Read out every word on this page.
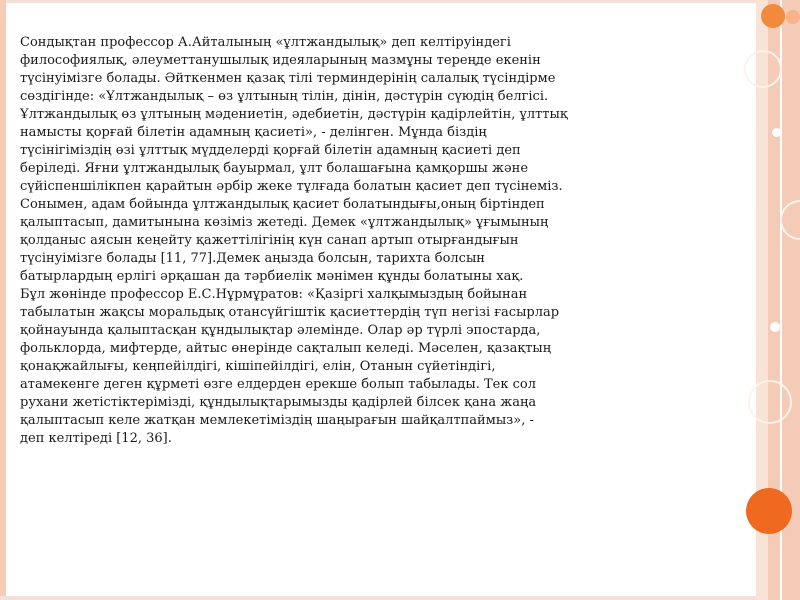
Сондықтан профессор А.Айталының «ұлтжандылық» деп келтіруіндегі
философиялық, әлеуметтанушылық идеяларының мазмұны тереңде екенін
түсінуімізге болады. Әйткенмен қазақ тілі терминдерінің салалық түсіндірме
сөздігінде: «Ұлтжандылық – өз ұлтының тілін, дінін, дәстүрін сүюдің белгісі.
Ұлтжандылық өз ұлтының мәдениетін, әдебиетін, дәстүрін қадірлейтін, ұлттық
намысты қорғай білетін адамның қасиеті», - делінген. Мұнда біздің
түсінігіміздің өзі ұлттық мүдделерді қорғай білетін адамның қасиеті деп
беріледі. Яғни ұлтжандылық бауырмал, ұлт болашағына қамқоршы және
сүйіспеншілікпен қарайтын әрбір жеке тұлғада болатын қасиет деп түсінеміз.
Сонымен, адам бойында ұлтжандылық қасиет болатындығы,оның біртіндеп
қалыптасып, дамитынына көзіміз жетеді. Демек «ұлтжандылық» ұғымының
қолданыс аясын кеңейту қажеттілігінің күн санап артып отырғандығын
түсінуімізге болады [11, 77].Демек аңызда болсын, тарихта болсын
батырлардың ерлігі әрқашан да тәрбиелік мәнімен құнды болатыны хақ.
Бұл жөнінде профессор Е.С.Нұрмұратов: «Қазіргі халқымыздың бойынан
табылатын жақсы моральдық отансүйгіштік қасиеттердің түп негізі ғасырлар
қойнауында қалыптасқан құндылықтар әлемінде. Олар әр түрлі эпостарда,
фольклорда, мифтерде, айтыс өнерінде сақталып келеді. Мәселен, қазақтың
қонақжайлығы, кеңпейілдігі, кішіпейілдігі, елін, Отанын сүйетіндігі,
атамекенге деген құрметі өзге елдерден ерекше болып табылады. Тек сол
рухани жетістіктерімізді, құндылықтарымызды қадірлей білсек қана жаңа
қалыптасып келе жатқан мемлекетіміздің шаңырағын шайқалтпаймыз», -
деп келтіреді [12, 36].
